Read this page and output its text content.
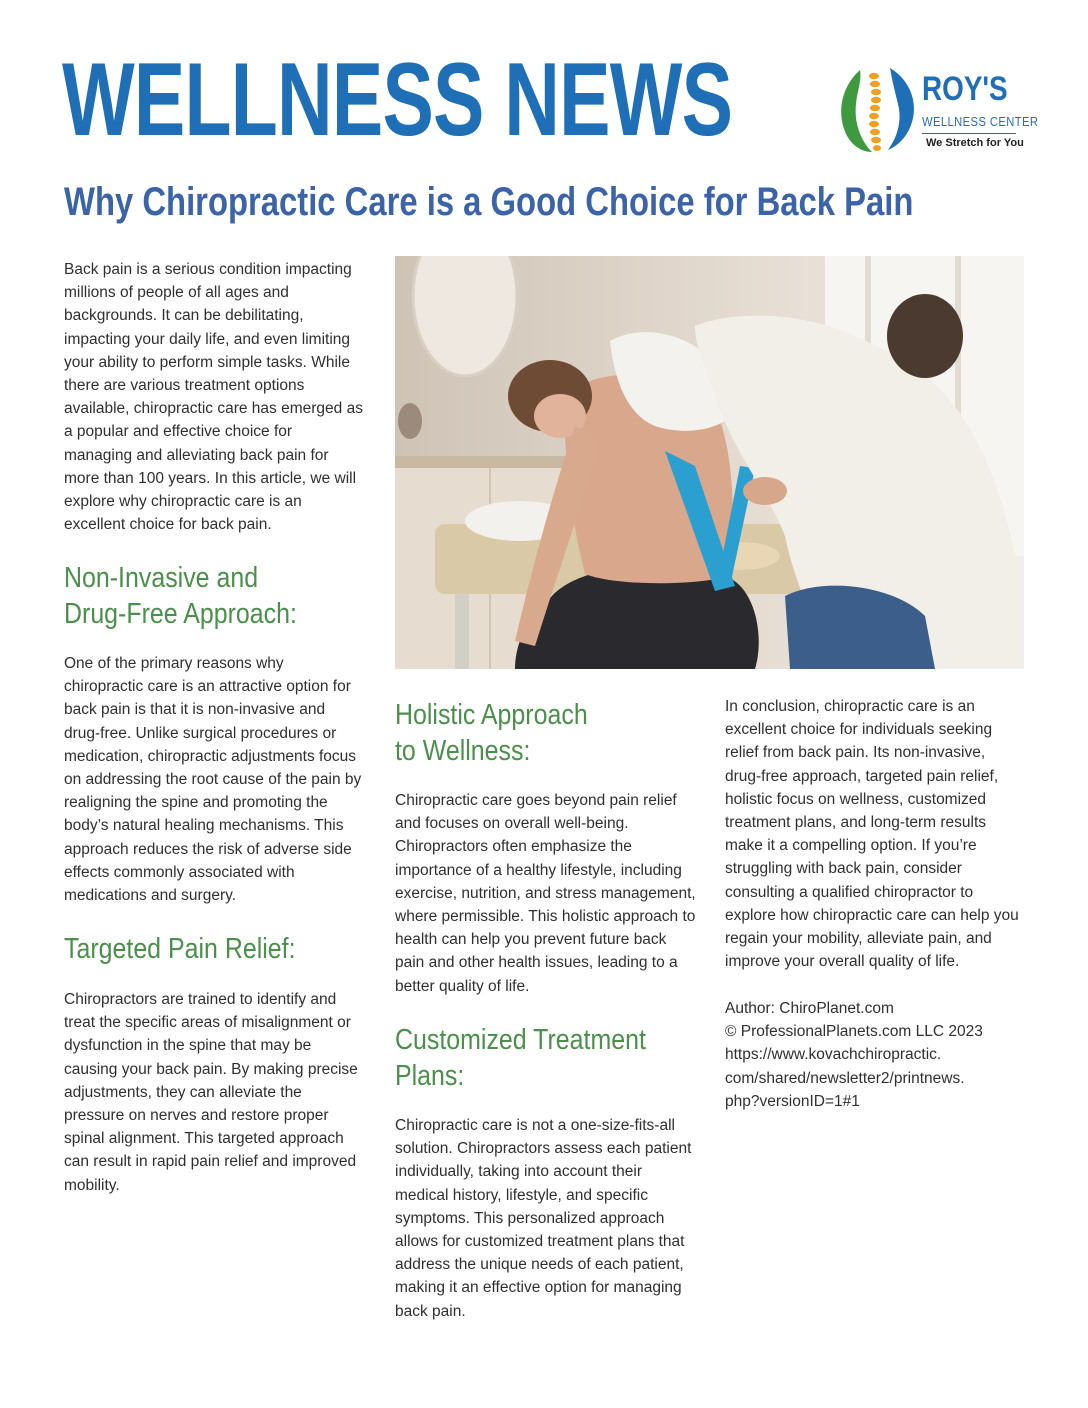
WELLNESS NEWS	ROY'S
WELLNESS CENTER
We Stretch for You
Why Chiropractic Care is a Good Choice for Back Pain

Back pain is a serious condition impacting millions of people of all ages and backgrounds. It can be debilitating, impacting your daily life, and even limiting your ability to perform simple tasks. While there are various treatment options available, chiropractic care has emerged as a popular and effective choice for managing and alleviating back pain for more than 100 years. In this article, we will explore why chiropractic care is an excellent choice for back pain.

Non-Invasive and
Drug-Free Approach:

One of the primary reasons why chiropractic care is an attractive option for back pain is that it is non-invasive and drug-free. Unlike surgical procedures or medication, chiropractic adjustments focus on addressing the root cause of the pain by realigning the spine and promoting the body’s natural healing mechanisms. This approach reduces the risk of adverse side effects commonly associated with medications and surgery.

Targeted Pain Relief:

Chiropractors are trained to identify and treat the specific areas of misalignment or dysfunction in the spine that may be causing your back pain. By making precise adjustments, they can alleviate the pressure on nerves and restore proper spinal alignment. This targeted approach can result in rapid pain relief and improved mobility.

Holistic Approach
to Wellness:

Chiropractic care goes beyond pain relief and focuses on overall well-being. Chiropractors often emphasize the importance of a healthy lifestyle, including exercise, nutrition, and stress management, where permissible. This holistic approach to health can help you prevent future back pain and other health issues, leading to a better quality of life.

Customized Treatment
Plans:

Chiropractic care is not a one-size-fits-all solution. Chiropractors assess each patient individually, taking into account their medical history, lifestyle, and specific symptoms. This personalized approach allows for customized treatment plans that address the unique needs of each patient, making it an effective option for managing back pain.

In conclusion, chiropractic care is an excellent choice for individuals seeking relief from back pain. Its non-invasive, drug-free approach, targeted pain relief, holistic focus on wellness, customized treatment plans, and long-term results make it a compelling option. If you’re struggling with back pain, consider consulting a qualified chiropractor to explore how chiropractic care can help you regain your mobility, alleviate pain, and improve your overall quality of life.

Author: ChiroPlanet.com

© ProfessionalPlanets.com LLC 2023

https://www.kovachchiropractic.

com/shared/newsletter2/printnews.

php?versionID=1#1
